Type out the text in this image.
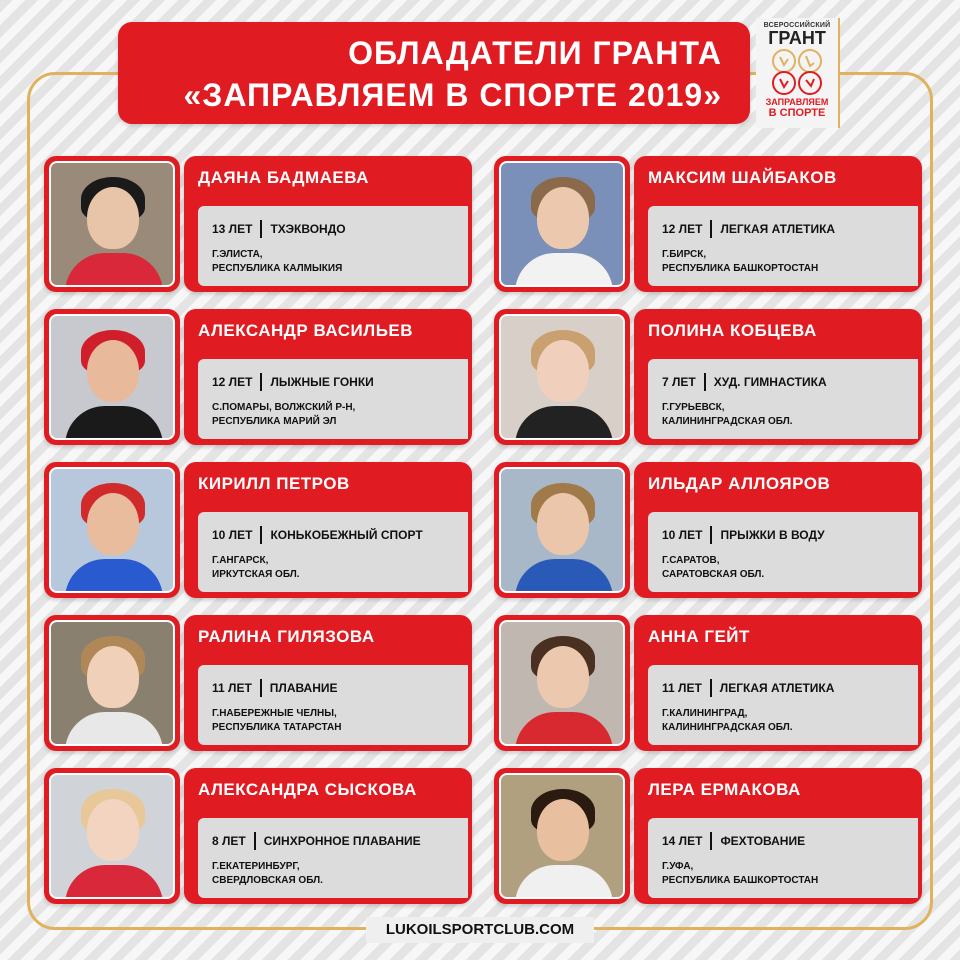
ОБЛАДАТЕЛИ ГРАНТА
«ЗАПРАВЛЯЕМ В СПОРТЕ 2019»
ВСЕРОССИЙСКИЙ
ГРАНТ
ЗАПРАВЛЯЕМ
В СПОРТЕ
ДАЯНА БАДМАЕВА
13 ЛЕТ ТХЭКВОНДО
Г.ЭЛИСТА,
РЕСПУБЛИКА КАЛМЫКИЯ
МАКСИМ ШАЙБАКОВ
12 ЛЕТ ЛЕГКАЯ АТЛЕТИКА
Г.БИРСК,
РЕСПУБЛИКА БАШКОРТОСТАН
АЛЕКСАНДР ВАСИЛЬЕВ
12 ЛЕТ ЛЫЖНЫЕ ГОНКИ
С.ПОМАРЫ, ВОЛЖСКИЙ Р-Н,
РЕСПУБЛИКА МАРИЙ ЭЛ
ПОЛИНА КОБЦЕВА
7 ЛЕТ ХУД. ГИМНАСТИКА
Г.ГУРЬЕВСК,
КАЛИНИНГРАДСКАЯ ОБЛ.
КИРИЛЛ ПЕТРОВ
10 ЛЕТ КОНЬКОБЕЖНЫЙ СПОРТ
Г.АНГАРСК,
ИРКУТСКАЯ ОБЛ.
ИЛЬДАР АЛЛОЯРОВ
10 ЛЕТ ПРЫЖКИ В ВОДУ
Г.САРАТОВ,
САРАТОВСКАЯ ОБЛ.
РАЛИНА ГИЛЯЗОВА
11 ЛЕТ ПЛАВАНИЕ
Г.НАБЕРЕЖНЫЕ ЧЕЛНЫ,
РЕСПУБЛИКА ТАТАРСТАН
АННА ГЕЙТ
11 ЛЕТ ЛЕГКАЯ АТЛЕТИКА
Г.КАЛИНИНГРАД,
КАЛИНИНГРАДСКАЯ ОБЛ.
АЛЕКСАНДРА СЫСКОВА
8 ЛЕТ СИНХРОННОЕ ПЛАВАНИЕ
Г.ЕКАТЕРИНБУРГ,
СВЕРДЛОВСКАЯ ОБЛ.
ЛЕРА ЕРМАКОВА
14 ЛЕТ ФЕХТОВАНИЕ
Г.УФА,
РЕСПУБЛИКА БАШКОРТОСТАН
LUKOILSPORTCLUB.COM
